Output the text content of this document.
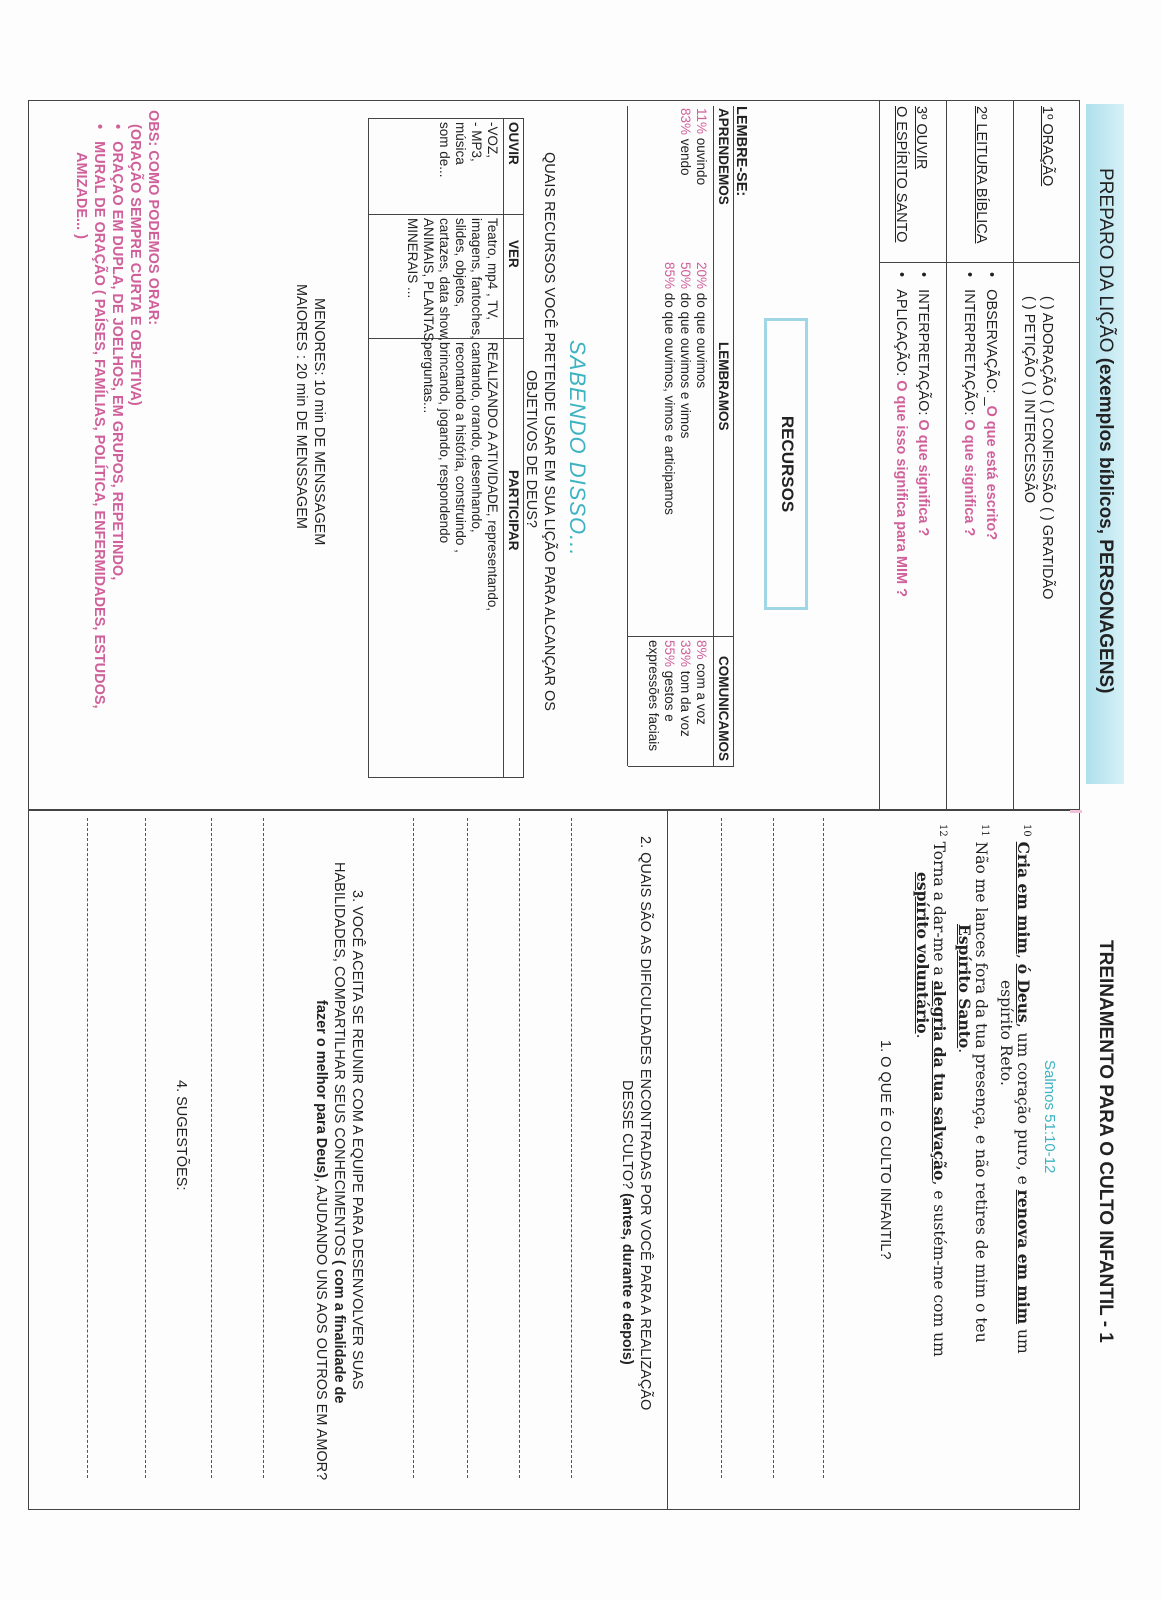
PREPARO DA LIÇÃO (exemplos bíblicos, PERSONAGENS)
1º ORAÇÃO
( ) ADORAÇÃO ( ) CONFISSÃO ( ) GRATIDÃO
( ) PETIÇÃO ( ) INTERCESSÃO
2º LEITURA BÍBLICA
•   OBSERVAÇÃO: _O que está escrito?
•   INTERPRETAÇÃO: O que significa ?
3º OUVIR
O ESPÍRITO SANTO
•   INTERPRETAÇÃO: O que significa ?
•   APLICAÇÃO: O que isso significa para MIM ?
RECURSOS
LEMBRE-SE:
APRENDEMOS
LEMBRAMOS
COMUNICAMOS
11% ouvindo
83% vendo
20% do que ouvimos
50% do que ouvimos e vimos
85% do que ouvimos, vimos e articipamos
8% com a voz
33% tom da voz
55% gestos e
expressões faciais
SABENDO DISSO...
QUAIS RECURSOS VOCÊ PRETENDE USAR EM SUA LIÇÃO PARA ALCANÇAR OS
OBJETIVOS DE DEUS?
OUVIR
VER
PARTICIPAR
-VOZ,
- MP3,
música
som de...
Teatro, mp4 , TV,
imagens, fantoches,
slides, objetos,
cartazes, data show,
ANIMAIS, PLANTAS,
MINERAIS ...
REALIZANDO A ATIVIDADE, representando,
cantando, orando, desenhando,
recontando a história, construindo ,
brincando, jogando, respondendo
perguntas...
MENORES: 10 min DE MENSSAGEM
MAIORES : 20 min DE MENSSAGEM
OBS: COMO PODEMOS ORAR:
(ORAÇÃO SEMPRE CURTA E OBJETIVA)
•   ORAÇAO EM DUPLA, DE JOELHOS, EM GRUPOS, REPETINDO,
•   MURAL DE ORAÇÃO ( PAÍSES, FAMÍLIAS, POLÍTICA, ENFERMIDADES, ESTUDOS,
AMIZADE... )
TREINAMENTO PARA O CULTO INFANTIL - 1
Salmos 51:10-12
$^{10}$ Cria em mim, ó Deus, um coração puro, e renova em mim um
espírito Reto.
$^{11}$ Não me lances fora da tua presença, e não retires de mim o teu
Espírito Santo.
$^{12}$ Torna a dar-me a alegria da tua salvação, e sustém-me com um
espírito voluntário.
1. O QUE É O CULTO INFANTIL?
2. QUAIS SÃO AS DIFICULDADES ENCONTRADAS POR VOCÊ PARA A REALIZAÇÃO
DESSE CULTO? (antes, durante e depois)
3. VOCÊ ACEITA SE REUNIR COM A EQUIPE PARA DESENVOLVER SUAS
HABILIDADES, COMPARTILHAR SEUS CONHECIMENTOS ( com a finalidade de
fazer o melhor para Deus), AJUDANDO UNS AOS OUTROS EM AMOR?
4. SUGESTÕES:
